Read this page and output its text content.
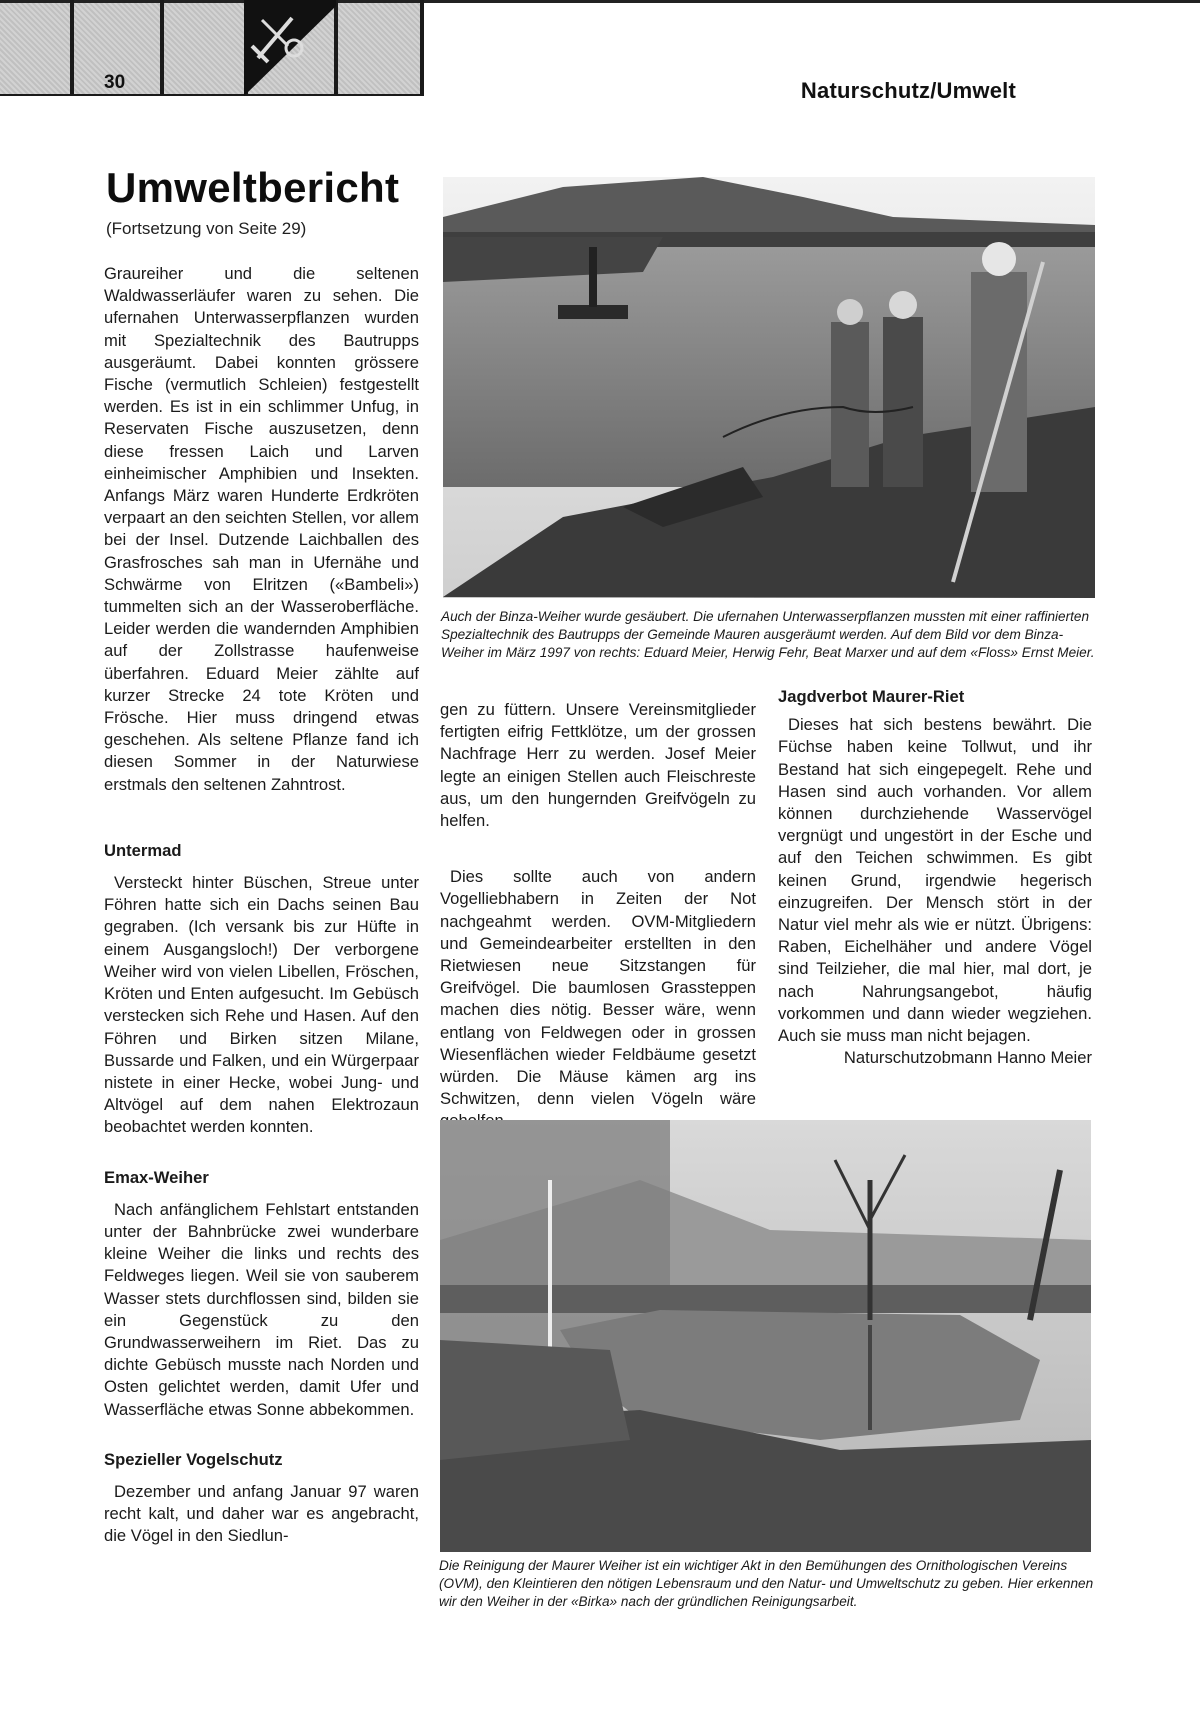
30	Naturschutz/Umwelt
Umweltbericht
(Fortsetzung von Seite 29)

Graureiher und die seltenen Waldwasserläufer waren zu sehen. Die ufernahen Unterwasserpflanzen wurden mit Spezialtechnik des Bautrupps ausgeräumt. Dabei konnten grössere Fische (vermutlich Schleien) festgestellt werden. Es ist in ein schlimmer Unfug, in Reservaten Fische auszusetzen, denn diese fressen Laich und Larven einheimischer Amphibien und Insekten. Anfangs März waren Hunderte Erdkröten verpaart an den seichten Stellen, vor allem bei der Insel. Dutzende Laichballen des Grasfrosches sah man in Ufernähe und Schwärme von Elritzen («Bambeli») tummelten sich an der Wasseroberfläche. Leider werden die wandernden Amphibien auf der Zollstrasse haufenweise überfahren. Eduard Meier zählte auf kurzer Strecke 24 tote Kröten und Frösche. Hier muss dringend etwas geschehen. Als seltene Pflanze fand ich diesen Sommer in der Naturwiese erstmals den seltenen Zahntrost.

Untermad

Versteckt hinter Büschen, Streue unter Föhren hatte sich ein Dachs seinen Bau gegraben. (Ich versank bis zur Hüfte in einem Ausgangsloch!) Der verborgene Weiher wird von vielen Libellen, Fröschen, Kröten und Enten aufgesucht. Im Gebüsch verstecken sich Rehe und Hasen. Auf den Föhren und Birken sitzen Milane, Bussarde und Falken, und ein Würgerpaar nistete in einer Hecke, wobei Jung- und Altvögel auf dem nahen Elektrozaun beobachtet werden konnten.

Emax-Weiher

Nach anfänglichem Fehlstart entstanden unter der Bahnbrücke zwei wunderbare kleine Weiher die links und rechts des Feldweges liegen. Weil sie von sauberem Wasser stets durchflossen sind, bilden sie ein Gegenstück zu den Grundwasserweihern im Riet. Das zu dichte Gebüsch musste nach Norden und Osten gelichtet werden, damit Ufer und Wasserfläche etwas Sonne abbekommen.

Spezieller Vogelschutz

Dezember und anfang Januar 97 waren recht kalt, und daher war es angebracht, die Vögel in den Siedlun-

Auch der Binza-Weiher wurde gesäubert. Die ufernahen Unterwasserpflanzen mussten mit einer raffinierten Spezialtechnik des Bautrupps der Gemeinde Mauren ausgeräumt werden. Auf dem Bild vor dem Binza-Weiher im März 1997 von rechts: Eduard Meier, Herwig Fehr, Beat Marxer und auf dem «Floss» Ernst Meier.

gen zu füttern. Unsere Vereinsmitglieder fertigten eifrig Fettklötze, um der grossen Nachfrage Herr zu werden. Josef Meier legte an einigen Stellen auch Fleischreste aus, um den hungernden Greifvögeln zu helfen.

Dies sollte auch von andern Vogelliebhabern in Zeiten der Not nachgeahmt werden. OVM-Mitgliedern und Gemeindearbeiter erstellten in den Rietwiesen neue Sitzstangen für Greifvögel. Die baumlosen Grassteppen machen dies nötig. Besser wäre, wenn entlang von Feldwegen oder in grossen Wiesenflächen wieder Feldbäume gesetzt würden. Die Mäuse kämen arg ins Schwitzen, denn vielen Vögeln wäre

Jagdverbot Maurer-Riet

Dieses hat sich bestens bewährt. Die Füchse haben keine Tollwut, und ihr Bestand hat sich eingepegelt. Rehe und Hasen sind auch vorhanden. Vor allem können durchziehende Wasservögel vergnügt und ungestört in der Esche und auf den Teichen schwimmen. Es gibt keinen Grund, irgendwie hegerisch einzugreifen. Der Mensch stört in der Natur viel mehr als wie er nützt. Übrigens: Raben, Eichelhäher und andere Vögel sind Teilzieher, die mal hier, mal dort, je nach Nahrungsangebot, häufig vorkommen und dann wieder wegziehen. Auch sie muss man nicht bejagen.

Naturschutzobmann Hanno Meier

Die Reinigung der Maurer Weiher ist ein wichtiger Akt in den Bemühungen des Ornithologischen Vereins (OVM), den Kleintieren den nötigen Lebensraum und den Natur- und Umweltschutz zu geben. Hier erkennen wir den Weiher in der «Birka» nach der gründlichen Reinigungsarbeit.
